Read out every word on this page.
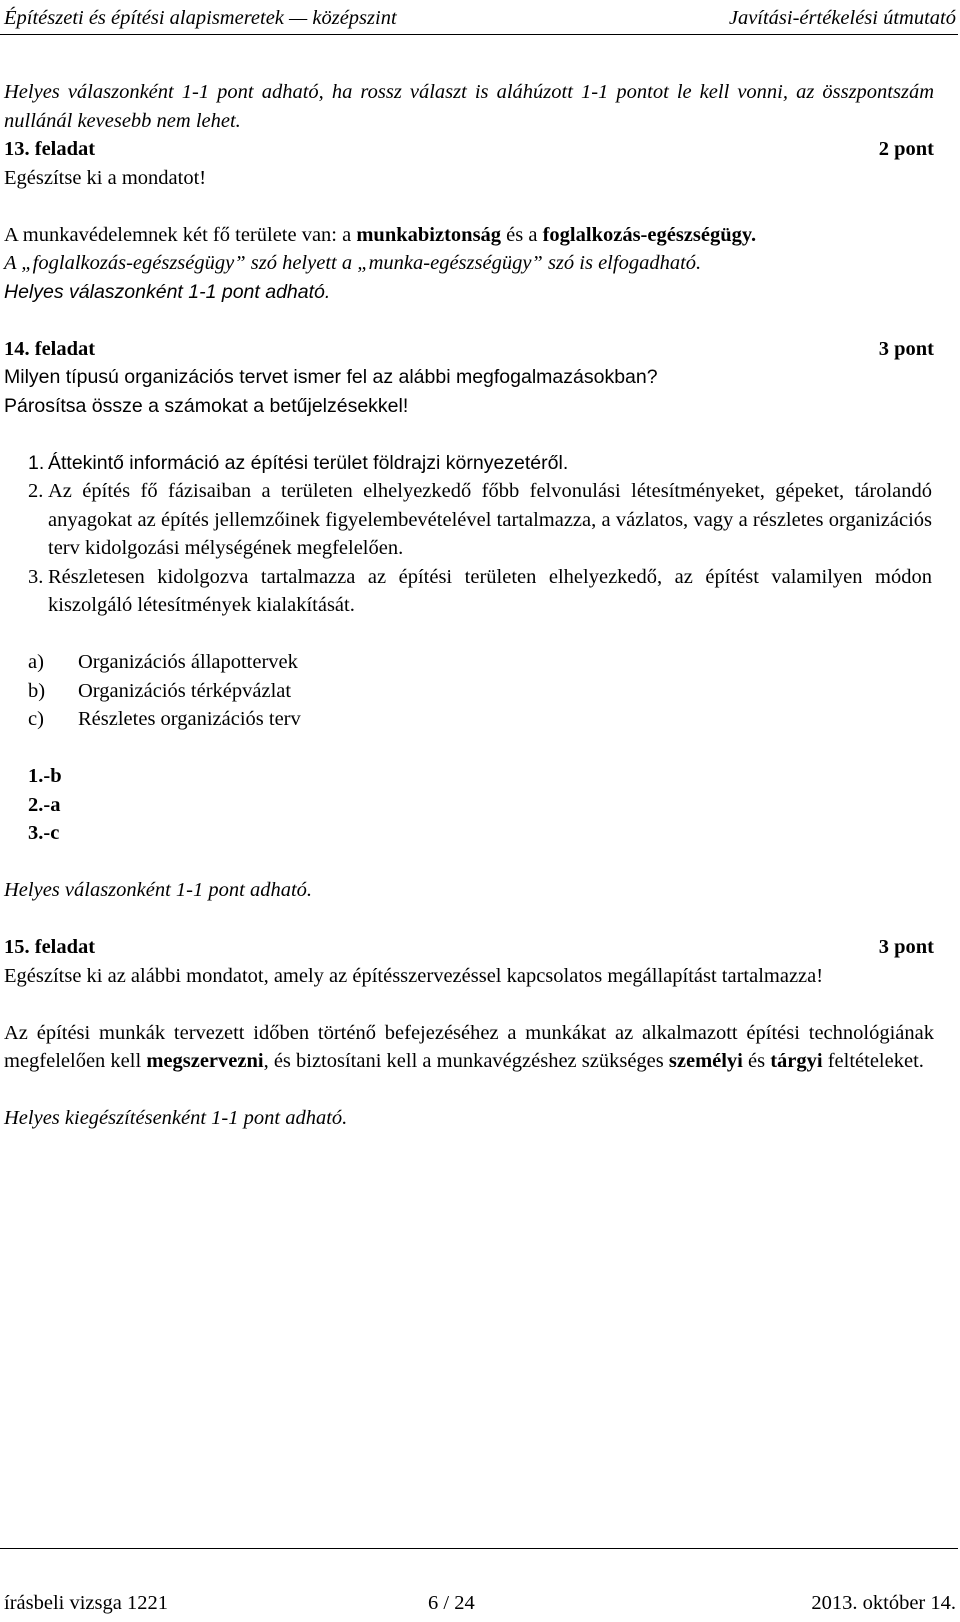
Építészeti és építési alapismeretek — középszint	Javítási-értékelési útmutató

Helyes válaszonként 1-1 pont adható, ha rossz választ is aláhúzott 1-1 pontot le kell vonni, az összpontszám nullánál kevesebb nem lehet.

13. feladat	2 pont

Egészítse ki a mondatot!

A munkavédelemnek két fő területe van: a munkabiztonság és a foglalkozás-egészségügy.

A „foglalkozás-egészségügy” szó helyett a „munka-egészségügy” szó is elfogadható.

Helyes válaszonként 1-1 pont adható.

14. feladat	3 pont

Milyen típusú organizációs tervet ismer fel az alábbi megfogalmazásokban?

Párosítsa össze a számokat a betűjelzésekkel!

1. Áttekintő információ az építési terület földrajzi környezetéről.
2. Az építés fő fázisaiban a területen elhelyezkedő főbb felvonulási létesítményeket, gépeket, tárolandó anyagokat az építés jellemzőinek figyelembevételével tartalmazza, a vázlatos, vagy a részletes organizációs terv kidolgozási mélységének megfelelően.
3. Részletesen kidolgozva tartalmazza az építési területen elhelyezkedő, az építést valamilyen módon kiszolgáló létesítmények kialakítását.
a)	Organizációs állapottervek
b)	Organizációs térképvázlat
c)	Részletes organizációs terv

1.-b

2.-a

3.-c

Helyes válaszonként 1-1 pont adható.

15. feladat	3 pont

Egészítse ki az alábbi mondatot, amely az építésszervezéssel kapcsolatos megállapítást tartalmazza!

Az építési munkák tervezett időben történő befejezéséhez a munkákat az alkalmazott építési technológiának megfelelően kell megszervezni, és biztosítani kell a munkavégzéshez szükséges személyi és tárgyi feltételeket.

Helyes kiegészítésenként 1-1 pont adható.

írásbeli vizsga 1221	6 / 24	2013. október 14.
